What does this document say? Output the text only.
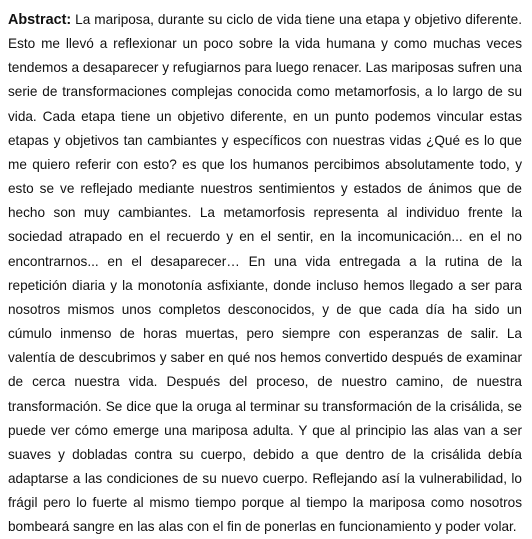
Abstract: La mariposa, durante su ciclo de vida tiene una etapa y objetivo diferente. Esto me llevó a reflexionar un poco sobre la vida humana y como muchas veces tendemos a desaparecer y refugiarnos para luego renacer. Las mariposas sufren una serie de transformaciones complejas conocida como metamorfosis, a lo largo de su vida. Cada etapa tiene un objetivo diferente, en un punto podemos vincular estas etapas y objetivos tan cambiantes y específicos con nuestras vidas ¿Qué es lo que me quiero referir con esto? es que los humanos percibimos absolutamente todo, y esto se ve reflejado mediante nuestros sentimientos y estados de ánimos que de hecho son muy cambiantes. La metamorfosis representa al individuo frente la sociedad atrapado en el recuerdo y en el sentir, en la incomunicación... en el no encontrarnos... en el desaparecer… En una vida entregada a la rutina de la repetición diaria y la monotonía asfixiante, donde incluso hemos llegado a ser para nosotros mismos unos completos desconocidos, y de que cada día ha sido un cúmulo inmenso de horas muertas, pero siempre con esperanzas de salir. La valentía de descubrimos y saber en qué nos hemos convertido después de examinar de cerca nuestra vida. Después del proceso, de nuestro camino, de nuestra transformación. Se dice que la oruga al terminar su transformación de la crisálida, se puede ver cómo emerge una mariposa adulta. Y que al principio las alas van a ser suaves y dobladas contra su cuerpo, debido a que dentro de la crisálida debía adaptarse a las condiciones de su nuevo cuerpo. Reflejando así la vulnerabilidad, lo frágil pero lo fuerte al mismo tiempo porque al tiempo la mariposa como nosotros bombeará sangre en las alas con el fin de ponerlas en funcionamiento y poder volar.
